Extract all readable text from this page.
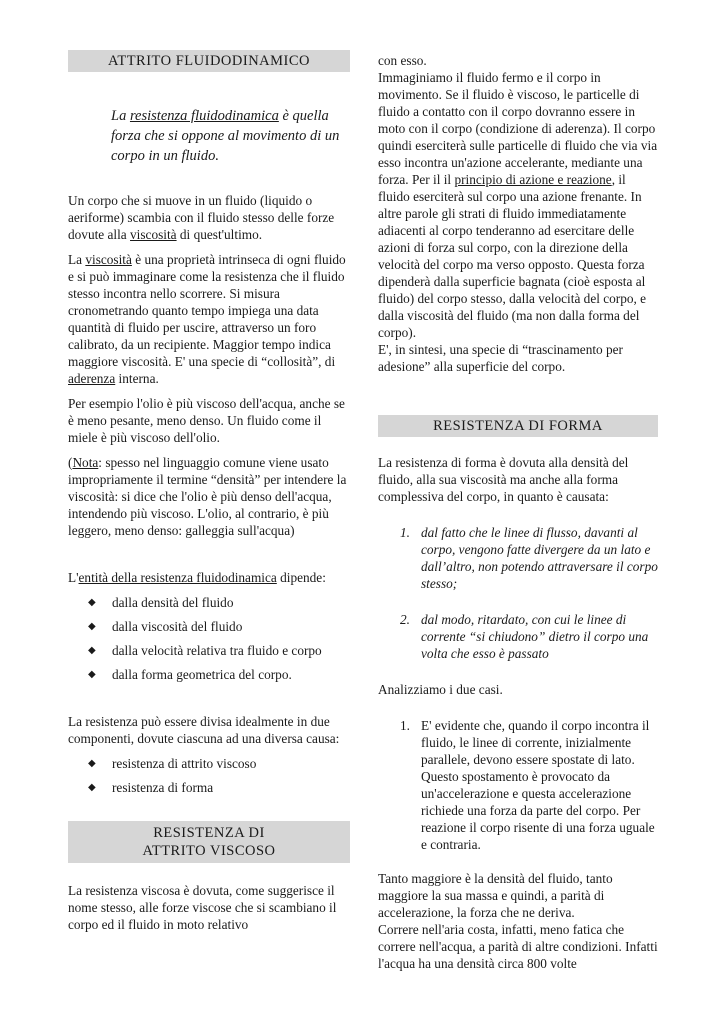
ATTRITO FLUIDODINAMICO

La resistenza fluidodinamica è quella forza che si oppone al movimento di un corpo in un fluido.

Un corpo che si muove in un fluido (liquido o aeriforme) scambia con il fluido stesso delle forze dovute alla viscosità di quest'ultimo.

La viscosità è una proprietà intrinseca di ogni fluido e si può immaginare come la resistenza che il fluido stesso incontra nello scorrere. Si misura cronometrando quanto tempo impiega una data quantità di fluido per uscire, attraverso un foro calibrato, da un recipiente. Maggior tempo indica maggiore viscosità. E' una specie di “collosità”, di aderenza interna.

Per esempio l'olio è più viscoso dell'acqua, anche se è meno pesante, meno denso. Un fluido come il miele è più viscoso dell'olio.

(Nota: spesso nel linguaggio comune viene usato impropriamente il termine “densità” per intendere la viscosità: si dice che l'olio è più denso dell'acqua, intendendo più viscoso. L'olio, al contrario, è più leggero, meno denso: galleggia sull'acqua)

L'entità della resistenza fluidodinamica dipende:

◆ dalla densità del fluido
◆ dalla viscosità del fluido
◆ dalla velocità relativa tra fluido e corpo
◆ dalla forma geometrica del corpo.

La resistenza può essere divisa idealmente in due componenti, dovute ciascuna ad una diversa causa:

◆ resistenza di attrito viscoso
◆ resistenza di forma
RESISTENZA DI
ATTRITO VISCOSO

La resistenza viscosa è dovuta, come suggerisce il nome stesso, alle forze viscose che si scambiano il corpo ed il fluido in moto relativo

con esso.

Immaginiamo il fluido fermo e il corpo in movimento. Se il fluido è viscoso, le particelle di fluido a contatto con il corpo dovranno essere in moto con il corpo (condizione di aderenza). Il corpo quindi eserciterà sulle particelle di fluido che via via esso incontra un'azione accelerante, mediante una forza. Per il il principio di azione e reazione, il fluido eserciterà sul corpo una azione frenante. In altre parole gli strati di fluido immediatamente adiacenti al corpo tenderanno ad esercitare delle azioni di forza sul corpo, con la direzione della velocità del corpo ma verso opposto. Questa forza dipenderà dalla superficie bagnata (cioè esposta al fluido) del corpo stesso, dalla velocità del corpo, e dalla viscosità del fluido (ma non dalla forma del corpo).

E', in sintesi, una specie di “trascinamento per adesione” alla superficie del corpo.

RESISTENZA DI FORMA

La resistenza di forma è dovuta alla densità del fluido, alla sua viscosità ma anche alla forma complessiva del corpo, in quanto è causata:

1. dal fatto che le linee di flusso, davanti al corpo, vengono fatte divergere da un lato e dall’altro, non potendo attraversare il corpo stesso;
2. dal modo, ritardato, con cui le linee di corrente “si chiudono” dietro il corpo una volta che esso è passato

Analizziamo i due casi.

1. E' evidente che, quando il corpo incontra il fluido, le linee di corrente, inizialmente parallele, devono essere spostate di lato. Questo spostamento è provocato da un'accelerazione e questa accelerazione richiede una forza da parte del corpo. Per reazione il corpo risente di una forza uguale e contraria.

Tanto maggiore è la densità del fluido, tanto maggiore la sua massa e quindi, a parità di accelerazione, la forza che ne deriva.

Correre nell'aria costa, infatti, meno fatica che correre nell'acqua, a parità di altre condizioni. Infatti l'acqua ha una densità circa 800 volte
